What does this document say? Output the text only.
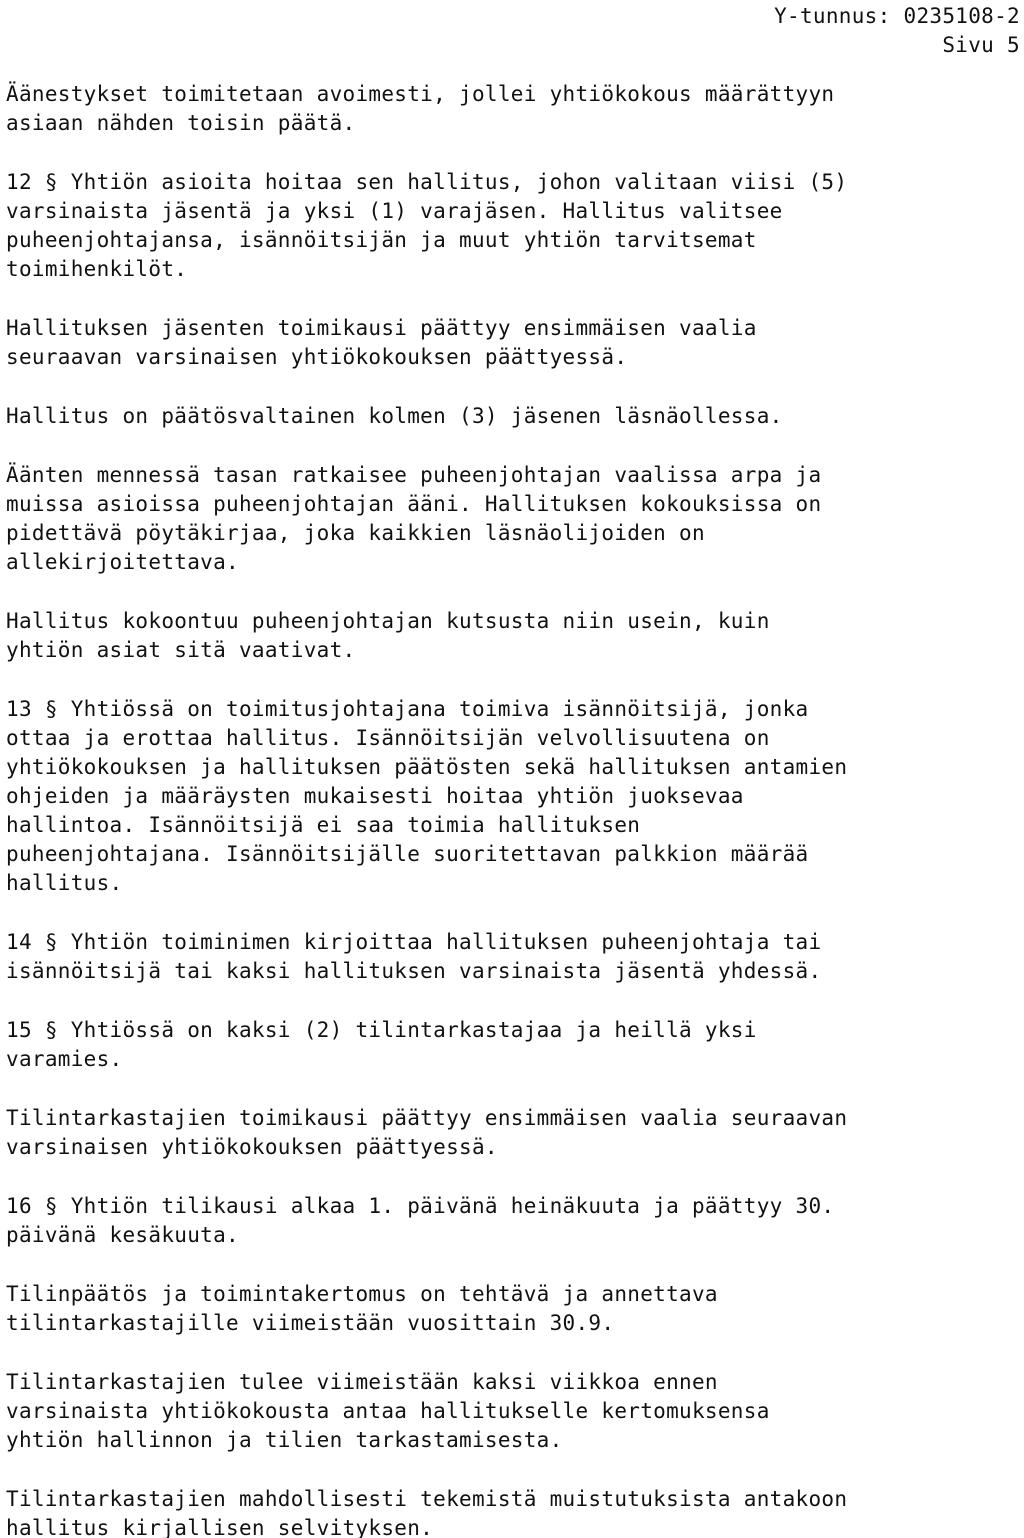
Y-tunnus: 0235108-2
Sivu 5
Äänestykset toimitetaan avoimesti, jollei yhtiökokous määrättyyn
asiaan nähden toisin päätä.
12 § Yhtiön asioita hoitaa sen hallitus, johon valitaan viisi (5)
varsinaista jäsentä ja yksi (1) varajäsen. Hallitus valitsee
puheenjohtajansa, isännöitsijän ja muut yhtiön tarvitsemat
toimihenkilöt.
Hallituksen jäsenten toimikausi päättyy ensimmäisen vaalia
seuraavan varsinaisen yhtiökokouksen päättyessä.
Hallitus on päätösvaltainen kolmen (3) jäsenen läsnäollessa.
Äänten mennessä tasan ratkaisee puheenjohtajan vaalissa arpa ja
muissa asioissa puheenjohtajan ääni. Hallituksen kokouksissa on
pidettävä pöytäkirjaa, joka kaikkien läsnäolijoiden on
allekirjoitettava.
Hallitus kokoontuu puheenjohtajan kutsusta niin usein, kuin
yhtiön asiat sitä vaativat.
13 § Yhtiössä on toimitusjohtajana toimiva isännöitsijä, jonka
ottaa ja erottaa hallitus. Isännöitsijän velvollisuutena on
yhtiökokouksen ja hallituksen päätösten sekä hallituksen antamien
ohjeiden ja määräysten mukaisesti hoitaa yhtiön juoksevaa
hallintoa. Isännöitsijä ei saa toimia hallituksen
puheenjohtajana. Isännöitsijälle suoritettavan palkkion määrää
hallitus.
14 § Yhtiön toiminimen kirjoittaa hallituksen puheenjohtaja tai
isännöitsijä tai kaksi hallituksen varsinaista jäsentä yhdessä.
15 § Yhtiössä on kaksi (2) tilintarkastajaa ja heillä yksi
varamies.
Tilintarkastajien toimikausi päättyy ensimmäisen vaalia seuraavan
varsinaisen yhtiökokouksen päättyessä.
16 § Yhtiön tilikausi alkaa 1. päivänä heinäkuuta ja päättyy 30.
päivänä kesäkuuta.
Tilinpäätös ja toimintakertomus on tehtävä ja annettava
tilintarkastajille viimeistään vuosittain 30.9.
Tilintarkastajien tulee viimeistään kaksi viikkoa ennen
varsinaista yhtiökokousta antaa hallitukselle kertomuksensa
yhtiön hallinnon ja tilien tarkastamisesta.
Tilintarkastajien mahdollisesti tekemistä muistutuksista antakoon
hallitus kirjallisen selvityksen.
